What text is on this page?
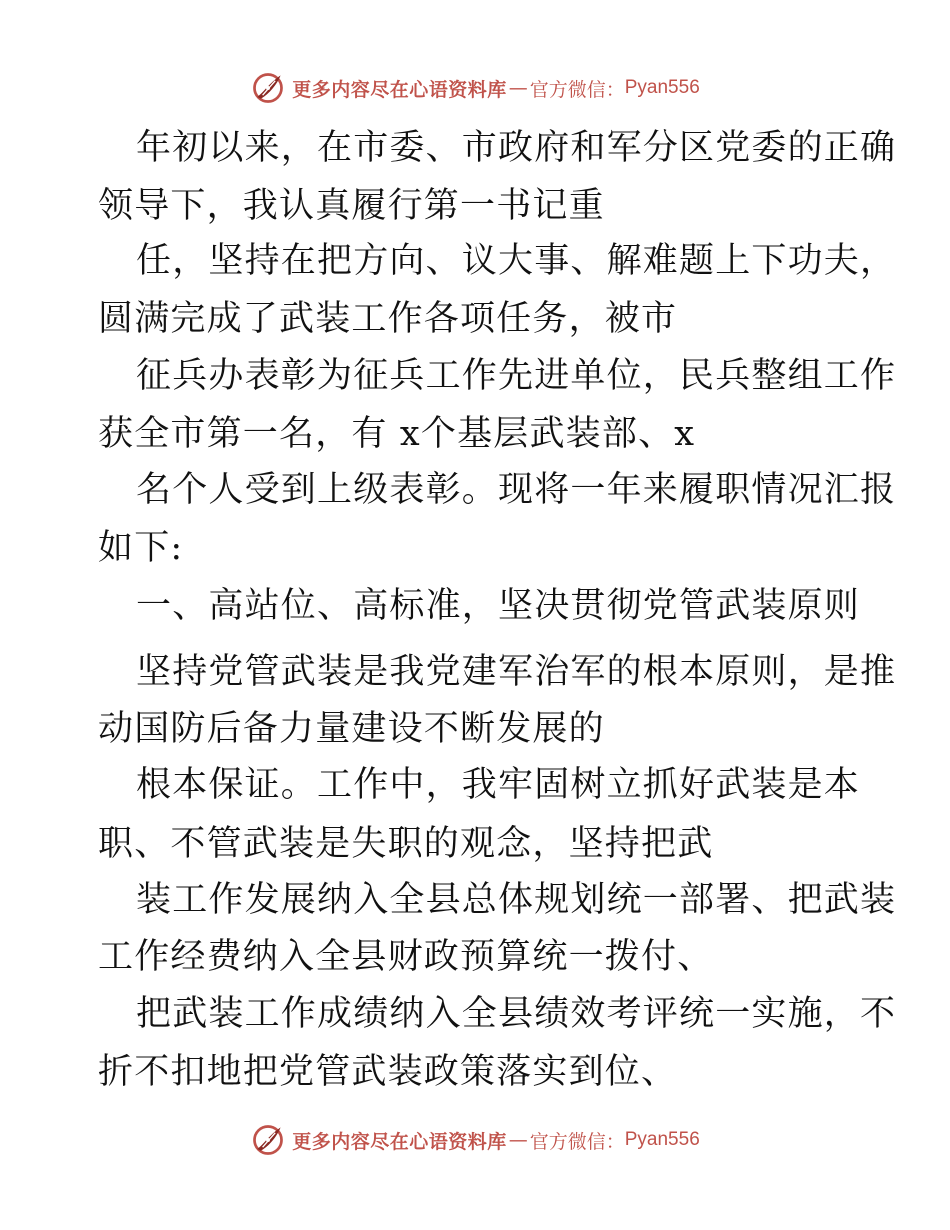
更多内容尽在心语资料库 — 官方微信： Pyan556
年初以来，在市委、市政府和军分区党委的正确
领导下，我认真履行第一书记重
任，坚持在把方向、议大事、解难题上下功夫，
圆满完成了武装工作各项任务，被市
征兵办表彰为征兵工作先进单位，民兵整组工作
获全市第一名，有 x个基层武装部、x
名个人受到上级表彰。现将一年来履职情况汇报
如下:
一、高站位、高标准，坚决贯彻党管武装原则
坚持党管武装是我党建军治军的根本原则，是推
动国防后备力量建设不断发展的
根本保证。工作中，我牢固树立抓好武装是本
职、不管武装是失职的观念，坚持把武
装工作发展纳入全县总体规划统一部署、把武装
工作经费纳入全县财政预算统一拨付、
把武装工作成绩纳入全县绩效考评统一实施，不
折不扣地把党管武装政策落实到位、
更多内容尽在心语资料库 — 官方微信： Pyan556
